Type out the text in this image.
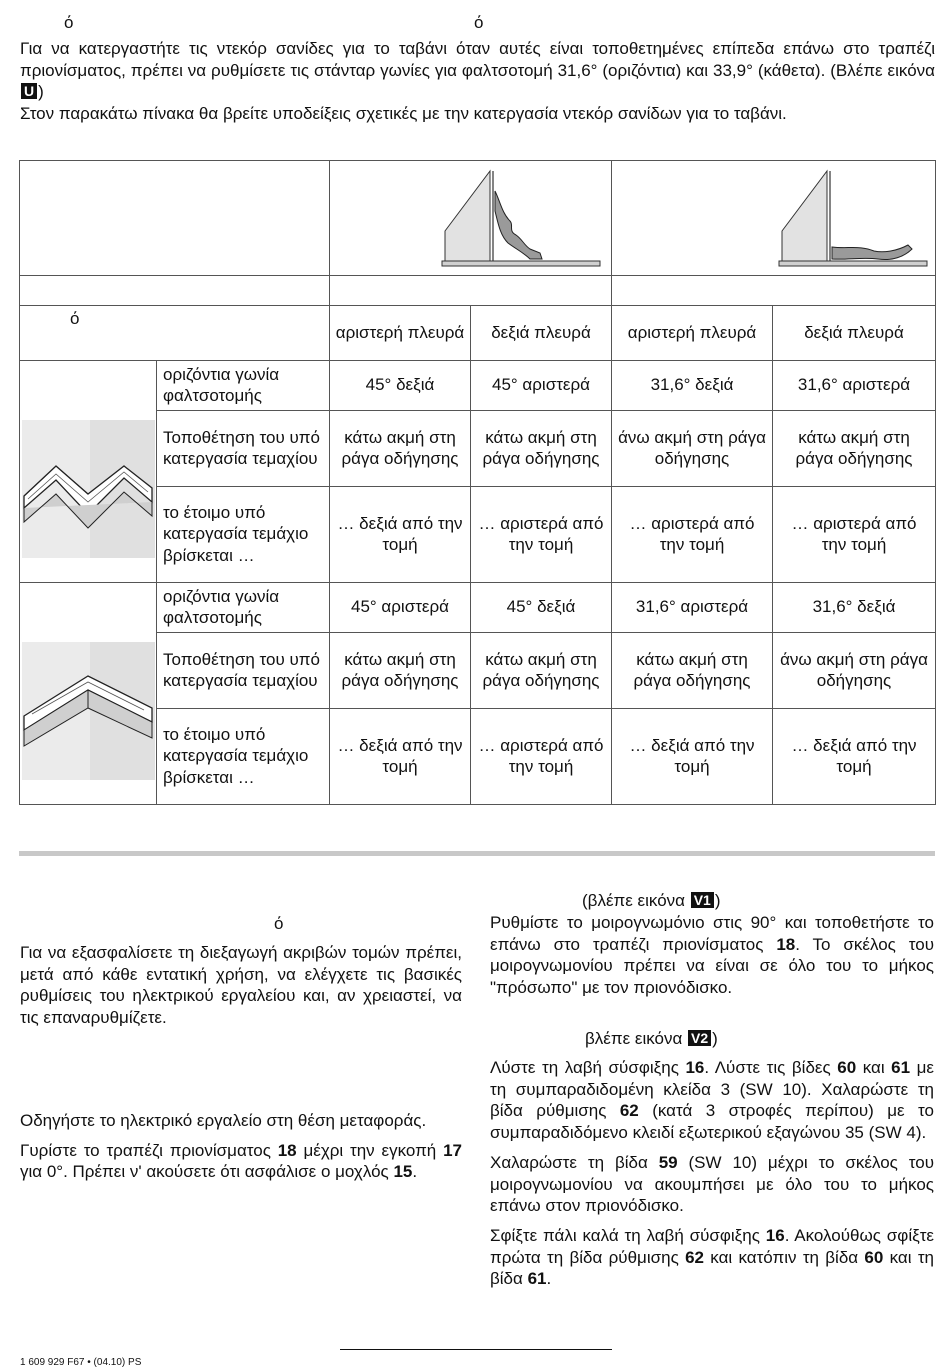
ό	ό

Για να κατεργαστήτε τις ντεκόρ σανίδες για το ταβάνι όταν αυτές είναι τοποθετημένες επίπεδα επάνω στο τραπέζι πριονίσματος, πρέπει να ρυθμίσετε τις στάνταρ γωνίες για φαλτσοτομή 31,6° (οριζόντια) και 33,9° (κάθετα). (Βλέπε εικόνα U )

Στον παρακάτω πίνακα θα βρείτε υποδείξεις σχετικές με την κατεργασία ντεκόρ σανίδων για το ταβάνι.

ό		αριστερή πλευρά	δεξιά πλευρά	αριστερή πλευρά	δεξιά πλευρά
	οριζόντια γωνία φαλτσοτομής	45° δεξιά	45° αριστερά	31,6° δεξιά	31,6° αριστερά
	Τοποθέτηση του υπό κατεργασία τεμαχίου	κάτω ακμή στη ράγα οδήγησης	κάτω ακμή στη ράγα οδήγησης	άνω ακμή στη ράγα οδήγησης	κάτω ακμή στη ράγα οδήγησης
	το έτοιμο υπό κατεργασία τεμάχιο βρίσκεται …	… δεξιά από την τομή	… αριστερά από την τομή	… αριστερά από την τομή	… αριστερά από την τομή
	οριζόντια γωνία φαλτσοτομής	45° αριστερά	45° δεξιά	31,6° αριστερά	31,6° δεξιά
	Τοποθέτηση του υπό κατεργασία τεμαχίου	κάτω ακμή στη ράγα οδήγησης	κάτω ακμή στη ράγα οδήγησης	κάτω ακμή στη ράγα οδήγησης	άνω ακμή στη ράγα οδήγησης
	το έτοιμο υπό κατεργασία τεμάχιο βρίσκεται …	… δεξιά από την τομή	… αριστερά από την τομή	… δεξιά από την τομή	… δεξιά από την τομή
ό

Για να εξασφαλίσετε τη διεξαγωγή ακριβών τομών πρέπει, μετά από κάθε εντατική χρήση, να ελέγχετε τις βασικές ρυθμίσεις του ηλεκτρικού εργαλείου και, αν χρειαστεί, να τις επαναρυθμίζετε.

Οδηγήστε το ηλεκτρικό εργαλείο στη θέση μεταφοράς.

Γυρίστε το τραπέζι πριονίσματος 18 μέχρι την εγκοπή 17 για 0°. Πρέπει ν' ακούσετε ότι ασφάλισε ο μοχλός 15.

(βλέπε εικόνα V1 )

Ρυθμίστε το μοιρογνωμόνιο στις 90° και τοποθετήστε το επάνω στο τραπέζι πριονίσματος 18. Το σκέλος του μοιρογνωμονίου πρέπει να είναι σε όλο του το μήκος "πρόσωπο" με τον πριονόδισκο.

βλέπε εικόνα V2 )

Λύστε τη λαβή σύσφιξης 16. Λύστε τις βίδες 60 και 61 με τη συμπαραδιδομένη κλείδα 3 (SW 10). Χαλαρώστε τη βίδα ρύθμισης 62 (κατά 3 στροφές περίπου) με το συμπαραδιδόμενο κλειδί εξωτερικού εξαγώνου 35 (SW 4).

Χαλαρώστε τη βίδα 59 (SW 10) μέχρι το σκέλος του μοιρογνωμονίου να ακουμπήσει με όλο του το μήκος επάνω στον πριονόδισκο.

Σφίξτε πάλι καλά τη λαβή σύσφιξης 16. Ακολούθως σφίξτε πρώτα τη βίδα ρύθμισης 62 και κατόπιν τη βίδα 60 και τη βίδα 61.

1 609 929 F67 • (04.10) PS
